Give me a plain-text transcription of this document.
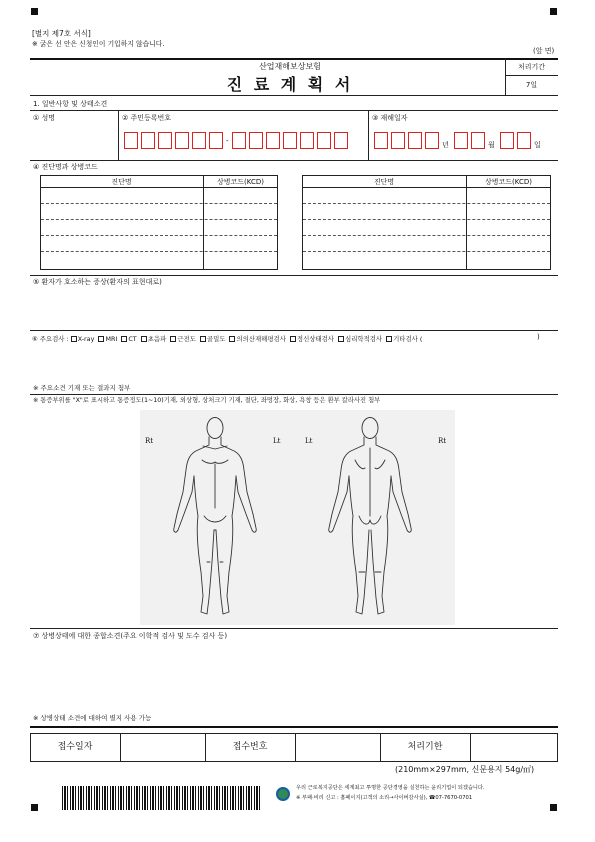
[별지 제7호 서식]
※ 굵은 선 안은 신청인이 기입하지 않습니다.
(앞 면)
산업재해보상보험
진 료 계 획 서
처리기간
7일
1. 일반사항 및 상태소견
① 성명	② 주민등록번호	③ 재해일자
-	년	월	일
④ 진단명과 상병코드
진단명	상병코드(KCD)	진단명	상병코드(KCD)
⑤ 환자가 호소하는 증상(환자의 표현대로)
⑥ 주요검사 : X-ray MRI CT 초음파 근전도 골밀도 의의산재해평검사 정신상태검사 심리학적검사 기타검사 (	)
※ 주요소견 기재 또는 결과지 첨부
※ 통증부위를 "X"로 표시하고 통증정도(1~10)기재, 외상형, 상처크기 기재, 절단, 좌멍장, 화상, 욕창 등은 환부 칼라사진 첨부
Rt	Lt	Lt	Rt
⑦ 상병상태에 대한 종합소견(주요 이학적 검사 및 도수 검사 등)
※ 상병상태 소견에 대하여 별지 사용 가능
접수일자	접수번호	처리기한
(210mm×297mm, 신문용지 54g/㎡)
우리 근로복지공단은 세계최고 투명한 공단경영을 실천하는 윤리기업이 되겠습니다.
※ 부패·비리 신고 : 홈페이지(고객의 소리→사이버감사실), ☎07-7670-0701
